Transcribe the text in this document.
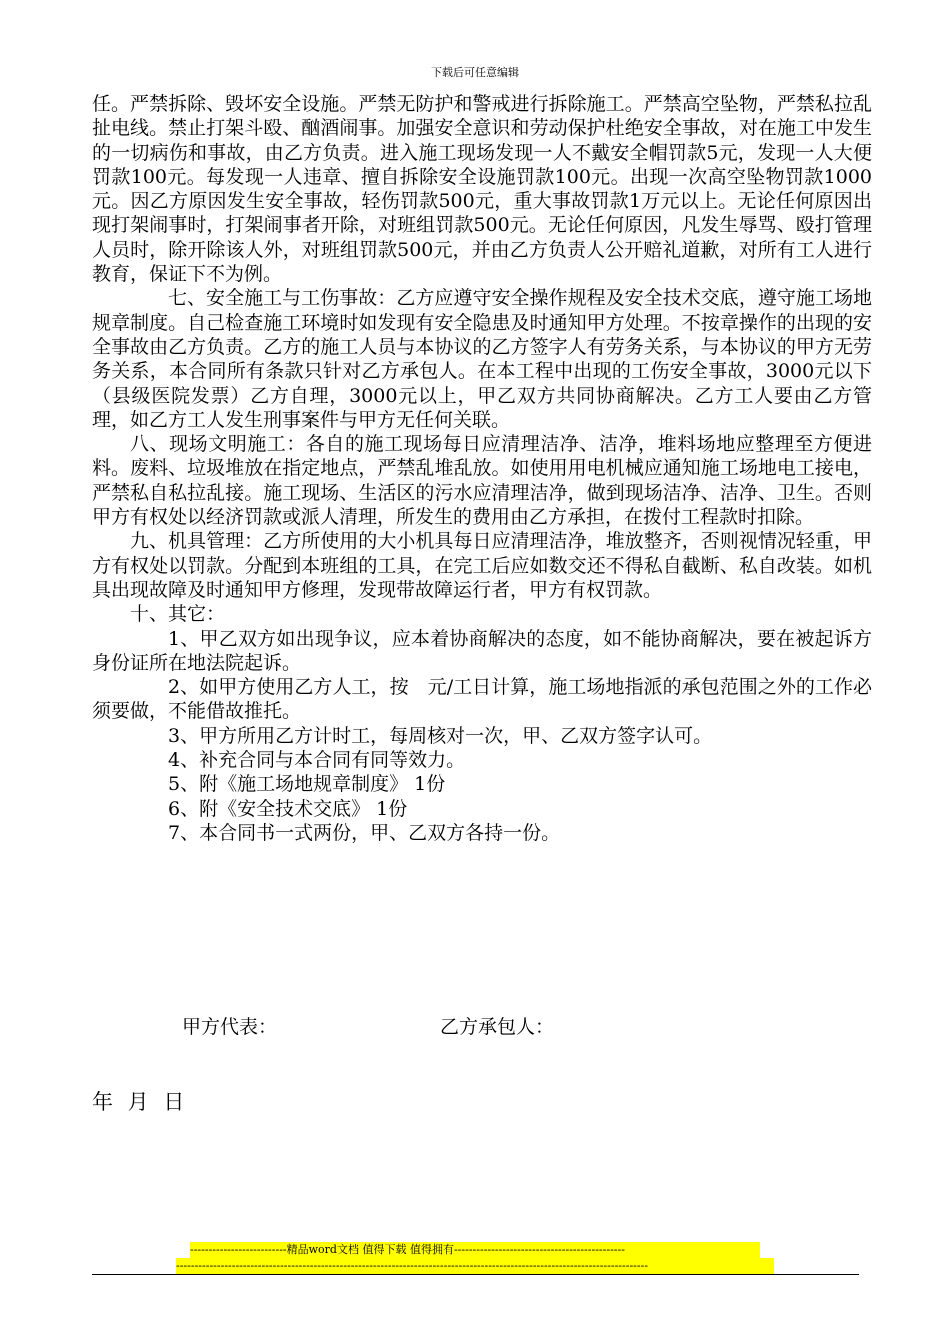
下载后可任意编辑

任。严禁拆除、毁坏安全设施。严禁无防护和警戒进行拆除施工。严禁高空坠物，严禁私拉乱扯电线。禁止打架斗殴、酗酒闹事。加强安全意识和劳动保护杜绝安全事故，对在施工中发生的一切病伤和事故，由乙方负责。进入施工现场发现一人不戴安全帽罚款5元，发现一人大便罚款100元。每发现一人违章、擅自拆除安全设施罚款100元。出现一次高空坠物罚款1000元。因乙方原因发生安全事故，轻伤罚款500元，重大事故罚款1万元以上。无论任何原因出现打架闹事时，打架闹事者开除，对班组罚款500元。无论任何原因，凡发生辱骂、殴打管理人员时，除开除该人外，对班组罚款500元，并由乙方负责人公开赔礼道歉，对所有工人进行教育，保证下不为例。

七、安全施工与工伤事故：乙方应遵守安全操作规程及安全技术交底，遵守施工场地规章制度。自己检查施工环境时如发现有安全隐患及时通知甲方处理。不按章操作的出现的安全事故由乙方负责。乙方的施工人员与本协议的乙方签字人有劳务关系，与本协议的甲方无劳务关系，本合同所有条款只针对乙方承包人。在本工程中出现的工伤安全事故，3000元以下（县级医院发票）乙方自理，3000元以上，甲乙双方共同协商解决。乙方工人要由乙方管理，如乙方工人发生刑事案件与甲方无任何关联。

八、现场文明施工：各自的施工现场每日应清理洁净、洁净，堆料场地应整理至方便进料。废料、垃圾堆放在指定地点，严禁乱堆乱放。如使用用电机械应通知施工场地电工接电，严禁私自私拉乱接。施工现场、生活区的污水应清理洁净，做到现场洁净、洁净、卫生。否则甲方有权处以经济罚款或派人清理，所发生的费用由乙方承担，在拨付工程款时扣除。

九、机具管理：乙方所使用的大小机具每日应清理洁净，堆放整齐，否则视情况轻重，甲方有权处以罚款。分配到本班组的工具，在完工后应如数交还不得私自截断、私自改装。如机具出现故障及时通知甲方修理，发现带故障运行者，甲方有权罚款。

十、其它：

1、甲乙双方如出现争议，应本着协商解决的态度，如不能协商解决，要在被起诉方身份证所在地法院起诉。

2、如甲方使用乙方人工，按　元/工日计算，施工场地指派的承包范围之外的工作必须要做，不能借故推托。

3、甲方所用乙方计时工，每周核对一次，甲、乙双方签字认可。

4、补充合同与本合同有同等效力。

5、附《施工场地规章制度》 1份

6、附《安全技术交底》 1份

7、本合同书一式两份，甲、乙双方各持一份。

甲方代表：	乙方承包人：
年 月 日
--------------------------精品word文档 值得下载 值得拥有----------------------------------------------
-------------------------------------------------------------------------------------------------------------------------------
